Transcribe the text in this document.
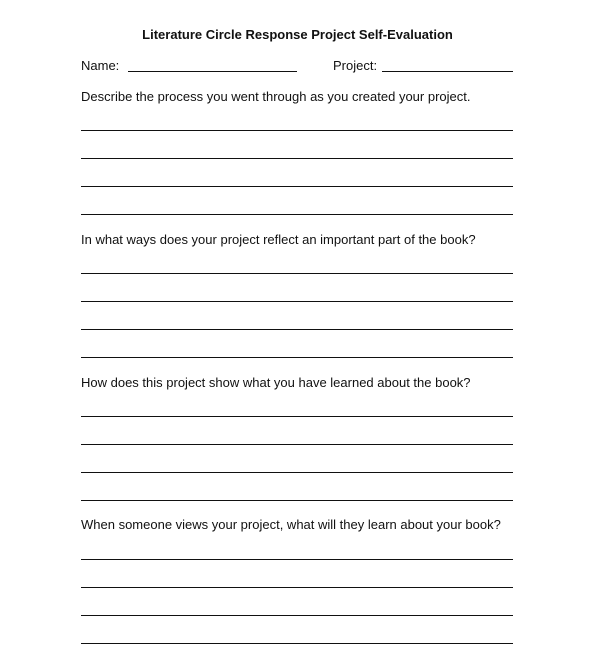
Literature Circle Response Project Self-Evaluation
Name:	Project:
Describe the process you went through as you created your project.
In what ways does your project reflect an important part of the book?
How does this project show what you have learned about the book?
When someone views your project, what will they learn about your book?
